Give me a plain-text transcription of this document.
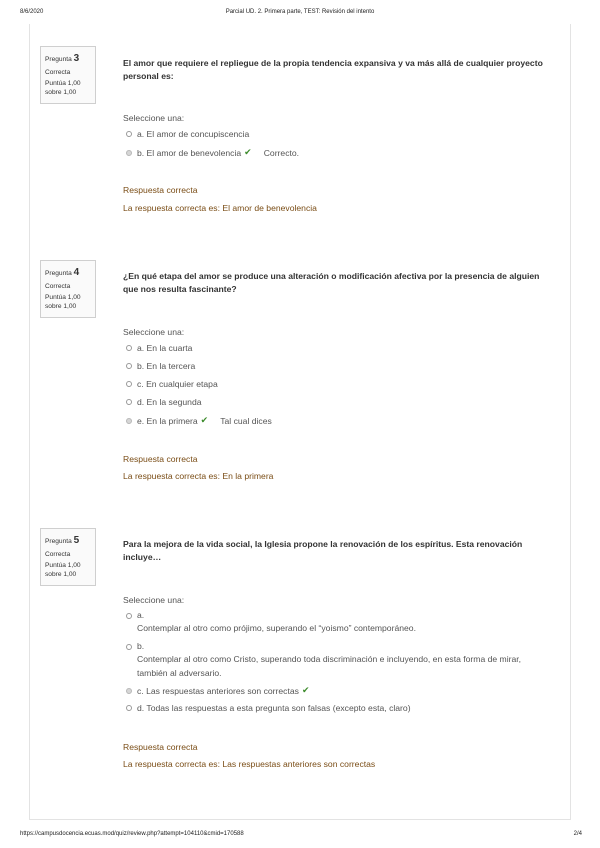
8/6/2020	Parcial UD. 2. Primera parte, TEST: Revisión del intento
Pregunta 3
Correcta
Puntúa 1,00 sobre 1,00
El amor que requiere el repliegue de la propia tendencia expansiva y va más allá de cualquier proyecto personal es:
Seleccione una:
a. El amor de concupiscencia
b. El amor de benevolencia ✔ Correcto.
Respuesta correcta
La respuesta correcta es: El amor de benevolencia
Pregunta 4
Correcta
Puntúa 1,00 sobre 1,00
¿En qué etapa del amor se produce una alteración o modificación afectiva por la presencia de alguien que nos resulta fascinante?
Seleccione una:
a. En la cuarta
b. En la tercera
c. En cualquier etapa
d. En la segunda
e. En la primera ✔ Tal cual dices
Respuesta correcta
La respuesta correcta es: En la primera
Pregunta 5
Correcta
Puntúa 1,00 sobre 1,00
Para la mejora de la vida social, la Iglesia propone la renovación de los espíritus. Esta renovación incluye…
Seleccione una:
a.
Contemplar al otro como prójimo, superando el “yoismo” contemporáneo.
b.
Contemplar al otro como Cristo, superando toda discriminación e incluyendo, en esta forma de mirar, también al adversario.
c. Las respuestas anteriores son correctas ✔
d. Todas las respuestas a esta pregunta son falsas (excepto esta, claro)
Respuesta correcta
La respuesta correcta es: Las respuestas anteriores son correctas
https://campusdocencia.ecuas.mod/quiz/review.php?attempt=104110&cmid=170588	2/4
